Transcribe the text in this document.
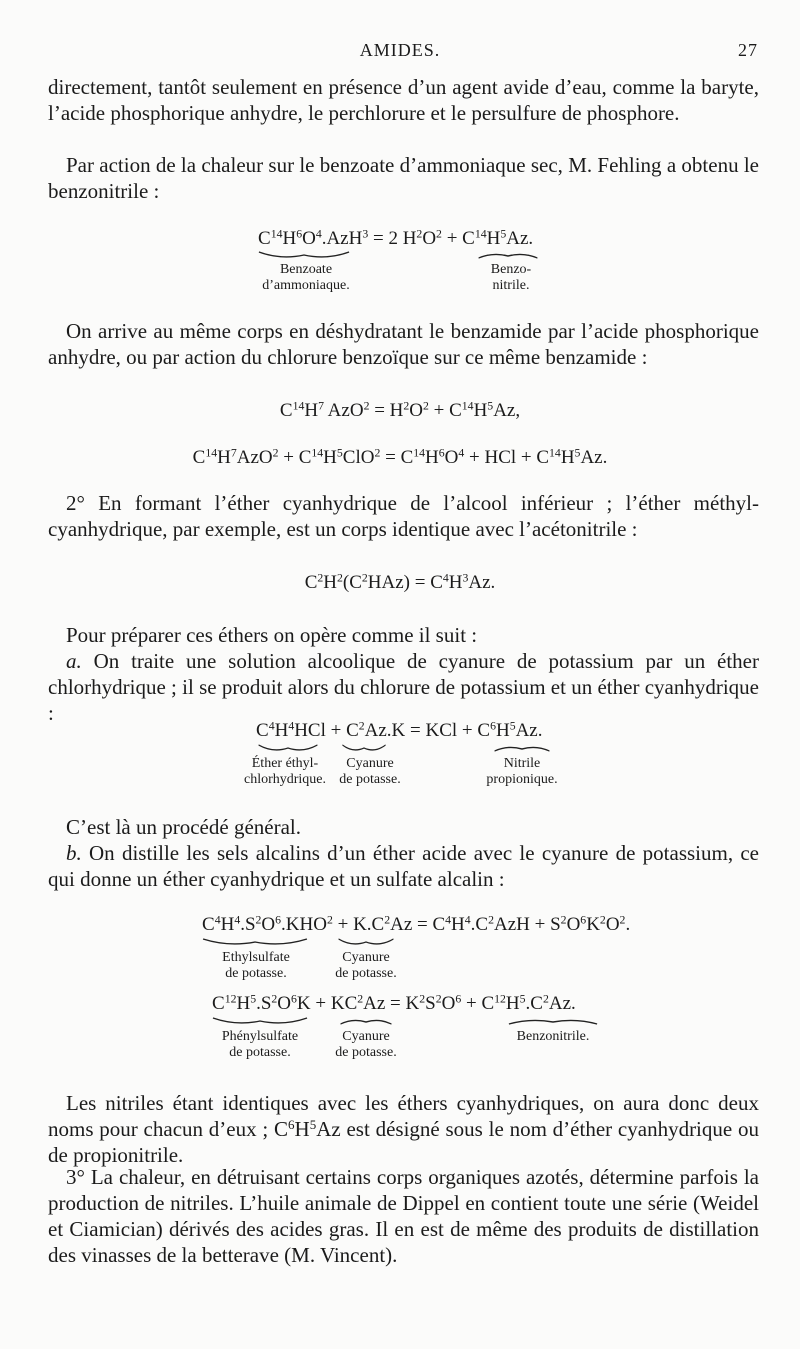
AMIDES.	27

directement, tantôt seulement en présence d’un agent avide d’eau, comme la baryte, l’acide phosphorique anhydre, le perchlorure et le persulfure de phosphore.

Par action de la chaleur sur le benzoate d’ammoniaque sec, M. Fehling a obtenu le benzonitrile :

$C^{14}H^6O^4.AzH^3 = 2$ $H^2O^2 + C^{14}H^5Az$.
Benzoate
d’ammoniaque.
Benzo-
nitrile.

On arrive au même corps en déshydratant le benzamide par l’acide phosphorique anhydre, ou par action du chlorure benzoïque sur ce même benzamide :

$C^{14}H^7$ $AzO^2 = H^2O^2 + C^{14}H^5Az$,
$C^{14}H^7AzO^2 + C^{14}H^5ClO^2 = C^{14}H^6O^4$ + HCl + $C^{14}H^5Az$.

2° En formant l’éther cyanhydrique de l’alcool inférieur ; l’éther méthyl-cyanhydrique, par exemple, est un corps identique avec l’acétonitrile :

$C^2H^2(C^2HAz) = C^4H^3Az$.

Pour préparer ces éthers on opère comme il suit :

a. On traite une solution alcoolique de cyanure de potassium par un éther chlorhydrique ; il se produit alors du chlorure de potassium et un éther cyanhydrique :

$C^4H^4HCl + C^2Az.K$ = KCl + $C^6H^5Az$.
Éther éthyl-
chlorhydrique.
Cyanure
de potasse.
Nitrile
propionique.

C’est là un procédé général.

b. On distille les sels alcalins d’un éther acide avec le cyanure de potassium, ce qui donne un éther cyanhydrique et un sulfate alcalin :

$C^4H^4.S^2O^6.KHO^2 + K.C^2Az = C^4H^4.C^2AzH + S^2O^6K^2O^2$.
Ethylsulfate
de potasse.
Cyanure
de potasse.
$C^{12}H^5.S^2O^6K + KC^2Az = K^2S^2O^6 + C^{12}H^5.C^2Az$.
Phénylsulfate
de potasse.
Cyanure
de potasse.
Benzonitrile.

Les nitriles étant identiques avec les éthers cyanhydriques, on aura donc deux noms pour chacun d’eux ; $C^6H^5Az$ est désigné sous le nom d’éther cyanhydrique ou de propionitrile.

3° La chaleur, en détruisant certains corps organiques azotés, détermine parfois la production de nitriles. L’huile animale de Dippel en contient toute une série (Weidel et Ciamician) dérivés des acides gras. Il en est de même des produits de distillation des vinasses de la betterave (M. Vincent).
